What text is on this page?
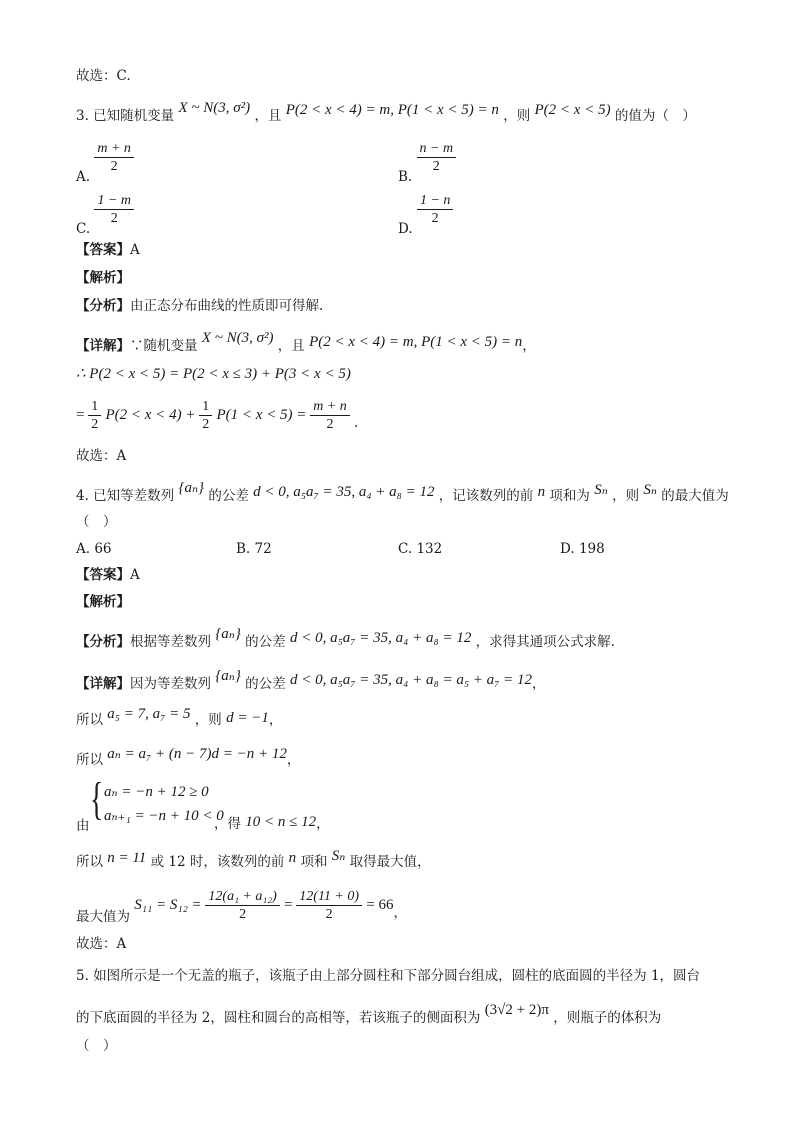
故选：C.
3. 已知随机变量 X ~ N(3, σ²) ，且 P(2 < x < 4) = m, P(1 < x < 5) = n ，则 P(2 < x < 5) 的值为（　）
A.
$\frac{m + n}{2}$
B.
$\frac{n - m}{2}$
C.
$\frac{1 - m}{2}$
D.
$\frac{1 - n}{2}$
【答案】A
【解析】
【分析】由正态分布曲线的性质即可得解.
【详解】∵随机变量 X ~ N(3, σ²) ，且 P(2 < x < 4) = m, P(1 < x < 5) = n，
∴ P(2 < x < 5) = P(2 < x ≤ 3) + P(3 < x < 5)
= $\frac{1}{2} P(2 < x < 4) + \frac{1}{2} P(1 < x < 5) = \frac{m + n}{2}$ .
故选：A
4. 已知等差数列 {aₙ} 的公差 d < 0, a₅a₇ = 35, a₄ + a₈ = 12 ，记该数列的前 n 项和为 Sₙ ，则 Sₙ 的最大值为
（　）
A. 66	B. 72	C. 132	D. 198
【答案】A
【解析】
【分析】根据等差数列 {aₙ} 的公差 d < 0, a₅a₇ = 35, a₄ + a₈ = 12 ，求得其通项公式求解.
【详解】因为等差数列 {aₙ} 的公差 d < 0, a₅a₇ = 35, a₄ + a₈ = a₅ + a₇ = 12，
所以 a₅ = 7, a₇ = 5 ，则 d = −1，
所以 aₙ = a₇ + (n − 7)d = −n + 12，
由
{ aₙ = −n + 12 ≥ 0
aₙ₊₁ = −n + 10 < 0
，得 10 < n ≤ 12，
所以 n = 11 或 12 时，该数列的前 n 项和 Sₙ 取得最大值，
最大值为 $S_{11} = S_{12} = \frac{\text{12(a₁ + a₁₂)}}{2} = \frac{12(11 + 0)}{2} = 66$，
故选：A
5. 如图所示是一个无盖的瓶子，该瓶子由上部分圆柱和下部分圆台组成，圆柱的底面圆的半径为 1，圆台
的下底面圆的半径为 2，圆柱和圆台的高相等，若该瓶子的侧面积为 (3√2 + 2)π ，则瓶子的体积为
（　）
